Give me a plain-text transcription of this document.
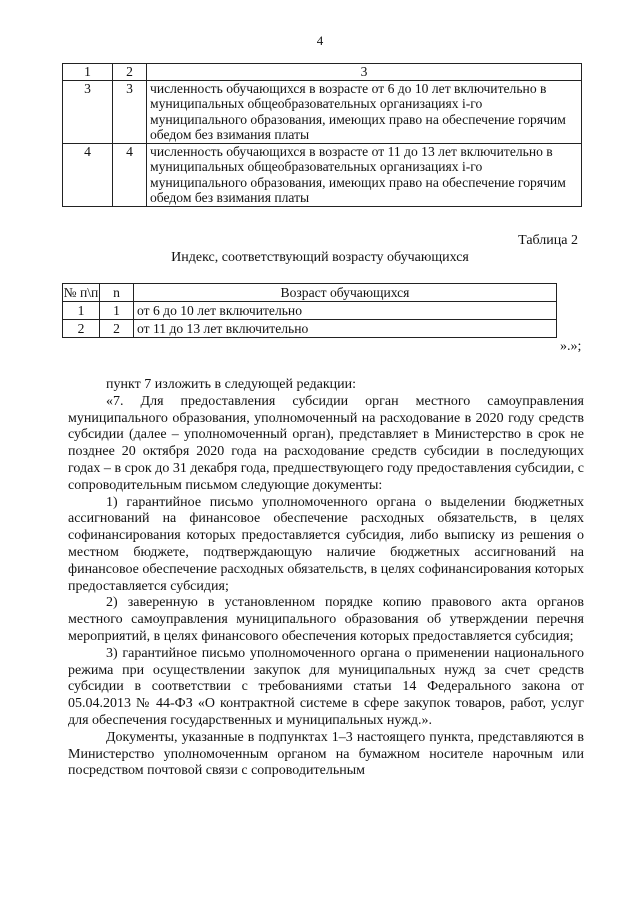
4
1	2	3
3	3	численность обучающихся в возрасте от 6 до 10 лет включительно в муниципальных общеобразовательных организациях i-го муниципального образования, имеющих право на обеспечение горячим обедом без взимания платы
4	4	численность обучающихся в возрасте от 11 до 13 лет включительно в муниципальных общеобразовательных организациях i-го муниципального образования, имеющих право на обеспечение горячим обедом без взимания платы
Таблица 2
Индекс, соответствующий возрасту обучающихся
№ п\п	n	Возраст обучающихся
1	1	от 6 до 10 лет включительно
2	2	от 11 до 13 лет включительно
».»;

пункт 7 изложить в следующей редакции:

«7. Для предоставления субсидии орган местного самоуправления муниципального образования, уполномоченный на расходование в 2020 году средств субсидии (далее – уполномоченный орган), представляет в Министерство в срок не позднее 20 октября 2020 года на расходование средств субсидии в последующих годах – в срок до 31 декабря года, предшествующего году предоставления субсидии, с сопроводительным письмом следующие документы:

1) гарантийное письмо уполномоченного органа о выделении бюджетных ассигнований на финансовое обеспечение расходных обязательств, в целях софинансирования которых предоставляется субсидия, либо выписку из решения о местном бюджете, подтверждающую наличие бюджетных ассигнований на финансовое обеспечение расходных обязательств, в целях софинансирования которых предоставляется субсидия;

2) заверенную в установленном порядке копию правового акта органов местного самоуправления муниципального образования об утверждении перечня мероприятий, в целях финансового обеспечения которых предоставляется субсидия;

3) гарантийное письмо уполномоченного органа о применении национального режима при осуществлении закупок для муниципальных нужд за счет средств субсидии в соответствии с требованиями статьи 14 Федерального закона от 05.04.2013 № 44-ФЗ «О контрактной системе в сфере закупок товаров, работ, услуг для обеспечения государственных и муниципальных нужд.».

Документы, указанные в подпунктах 1–3 настоящего пункта, представляются в Министерство уполномоченным органом на бумажном носителе нарочным или посредством почтовой связи с сопроводительным
